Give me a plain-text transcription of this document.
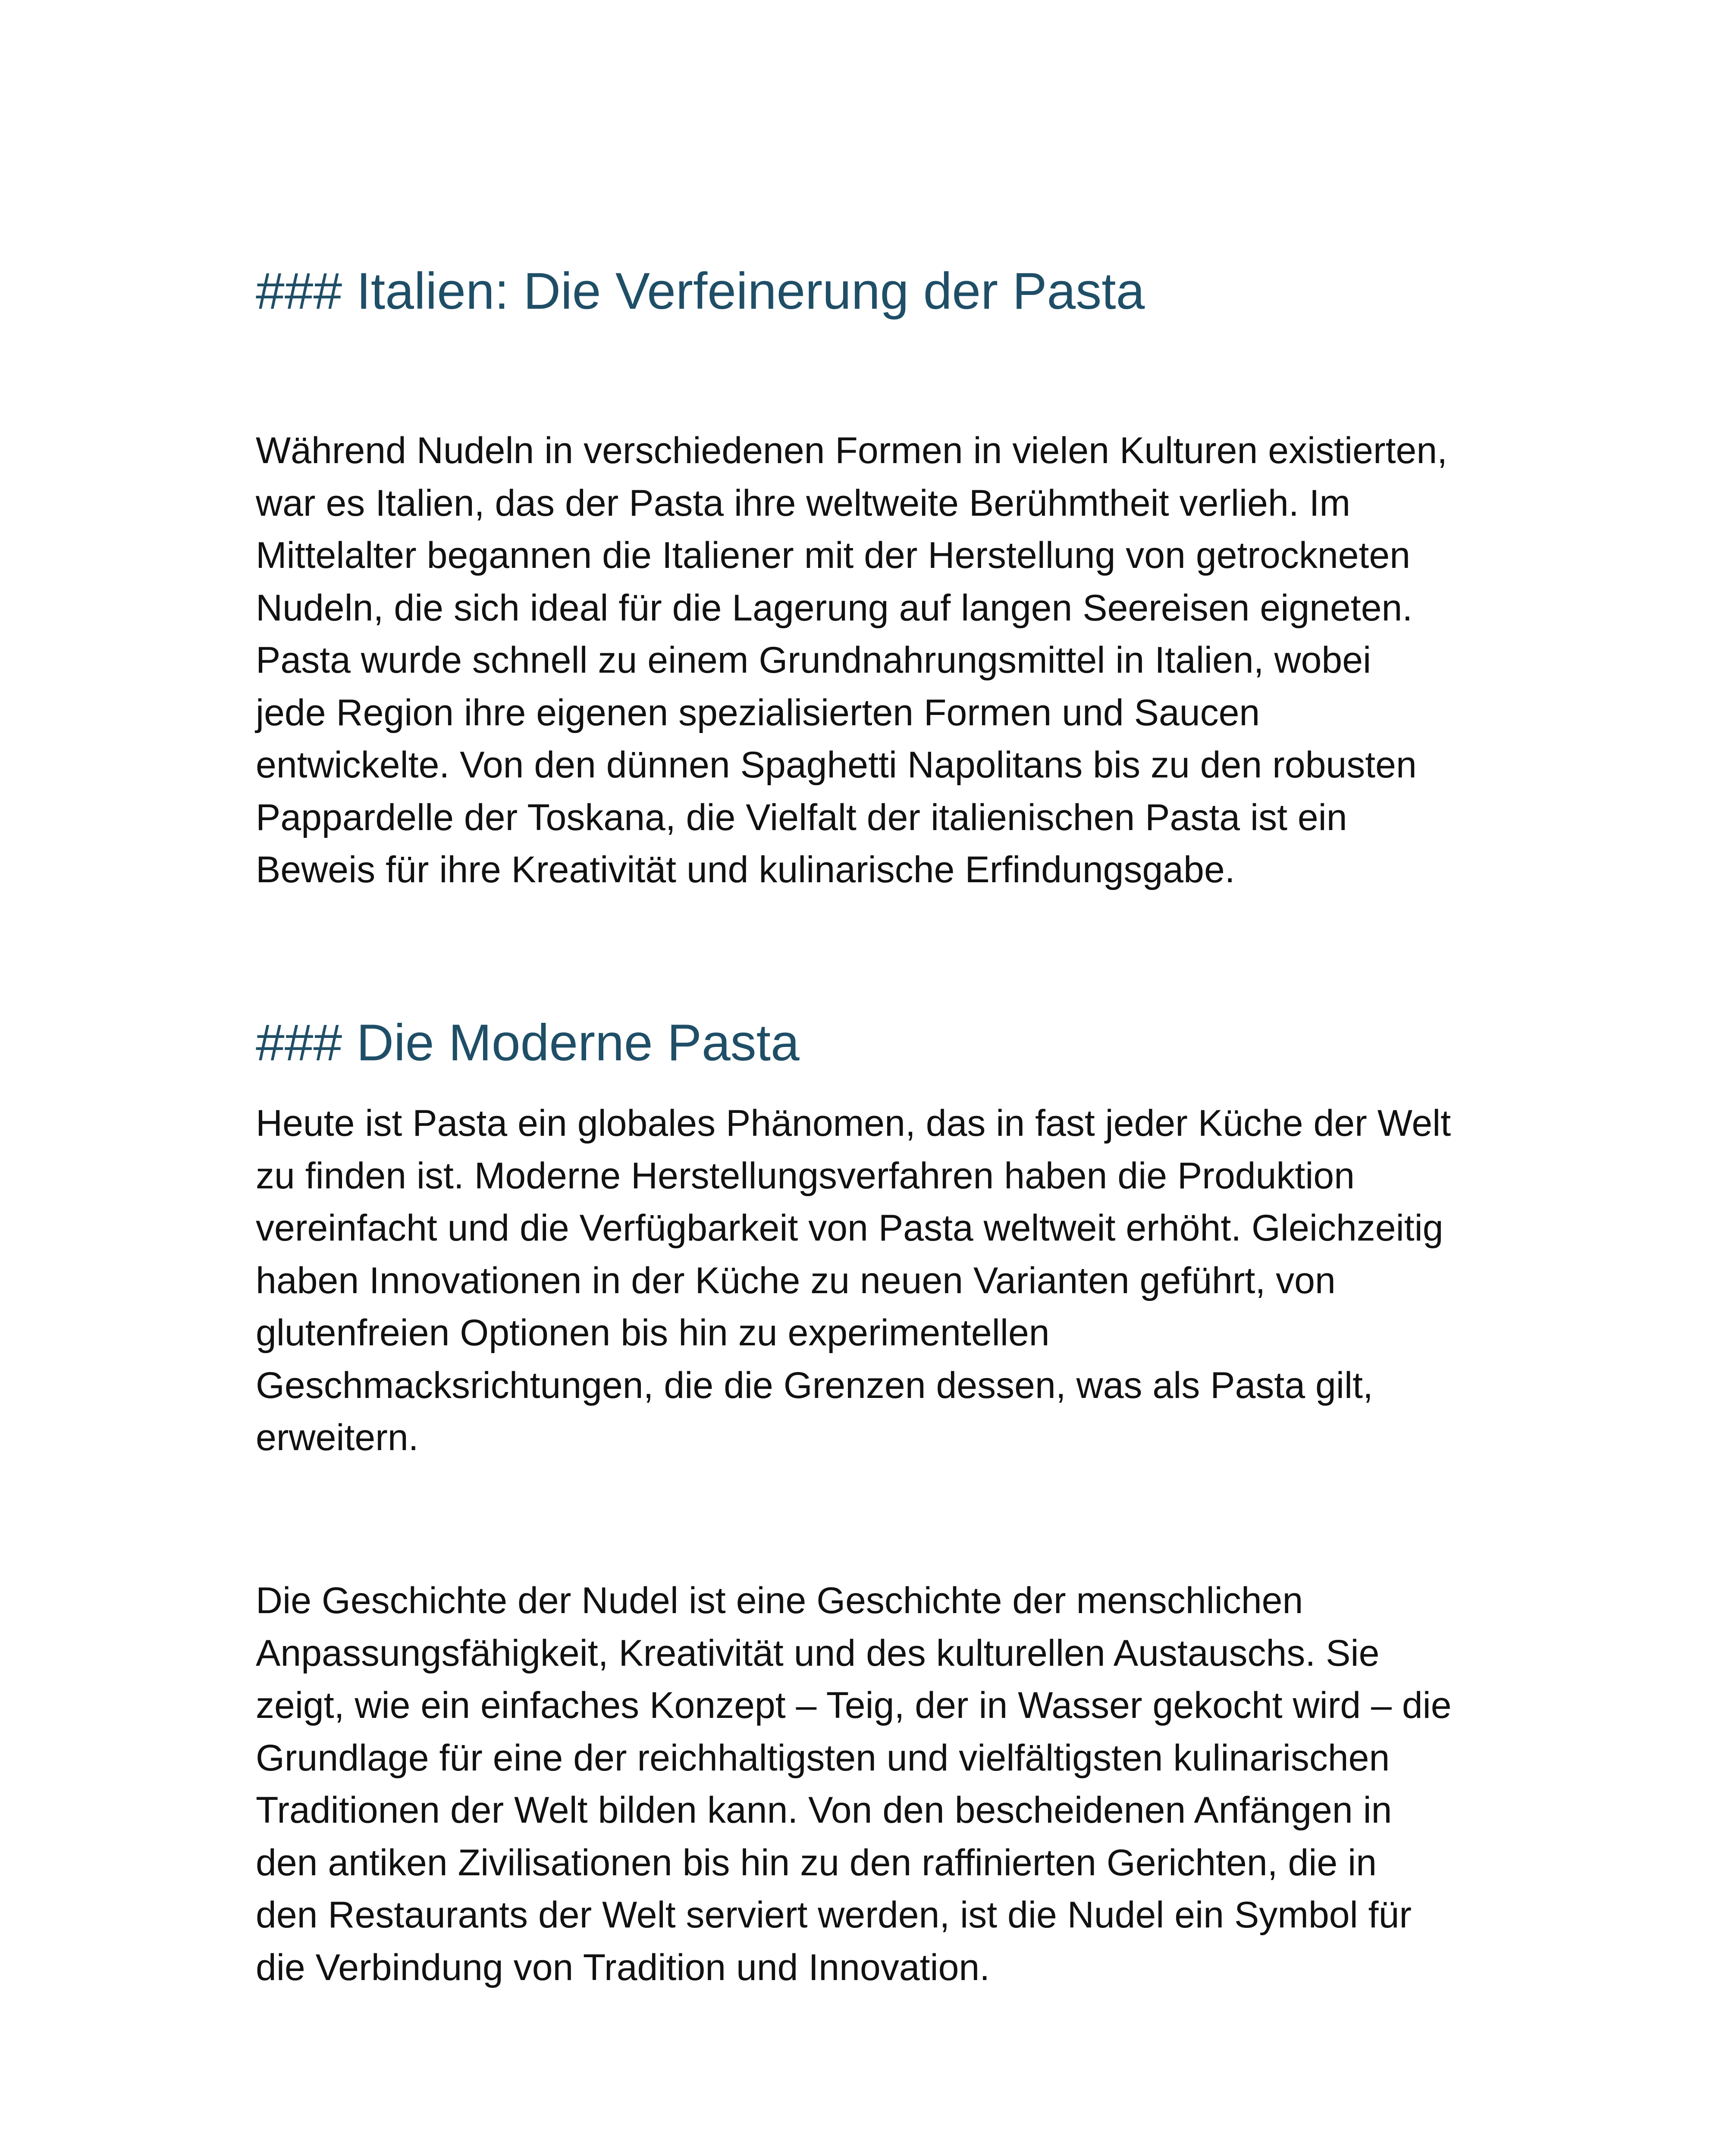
### Italien: Die Verfeinerung der Pasta

Während Nudeln in verschiedenen Formen in vielen Kulturen existierten,
war es Italien, das der Pasta ihre weltweite Berühmtheit verlieh. Im
Mittelalter begannen die Italiener mit der Herstellung von getrockneten
Nudeln, die sich ideal für die Lagerung auf langen Seereisen eigneten.
Pasta wurde schnell zu einem Grundnahrungsmittel in Italien, wobei
jede Region ihre eigenen spezialisierten Formen und Saucen
entwickelte. Von den dünnen Spaghetti Napolitans bis zu den robusten
Pappardelle der Toskana, die Vielfalt der italienischen Pasta ist ein
Beweis für ihre Kreativität und kulinarische Erfindungsgabe.

### Die Moderne Pasta

Heute ist Pasta ein globales Phänomen, das in fast jeder Küche der Welt
zu finden ist. Moderne Herstellungsverfahren haben die Produktion
vereinfacht und die Verfügbarkeit von Pasta weltweit erhöht. Gleichzeitig
haben Innovationen in der Küche zu neuen Varianten geführt, von
glutenfreien Optionen bis hin zu experimentellen
Geschmacksrichtungen, die die Grenzen dessen, was als Pasta gilt,
erweitern.

Die Geschichte der Nudel ist eine Geschichte der menschlichen
Anpassungsfähigkeit, Kreativität und des kulturellen Austauschs. Sie
zeigt, wie ein einfaches Konzept – Teig, der in Wasser gekocht wird – die
Grundlage für eine der reichhaltigsten und vielfältigsten kulinarischen
Traditionen der Welt bilden kann. Von den bescheidenen Anfängen in
den antiken Zivilisationen bis hin zu den raffinierten Gerichten, die in
den Restaurants der Welt serviert werden, ist die Nudel ein Symbol für
die Verbindung von Tradition und Innovation.
